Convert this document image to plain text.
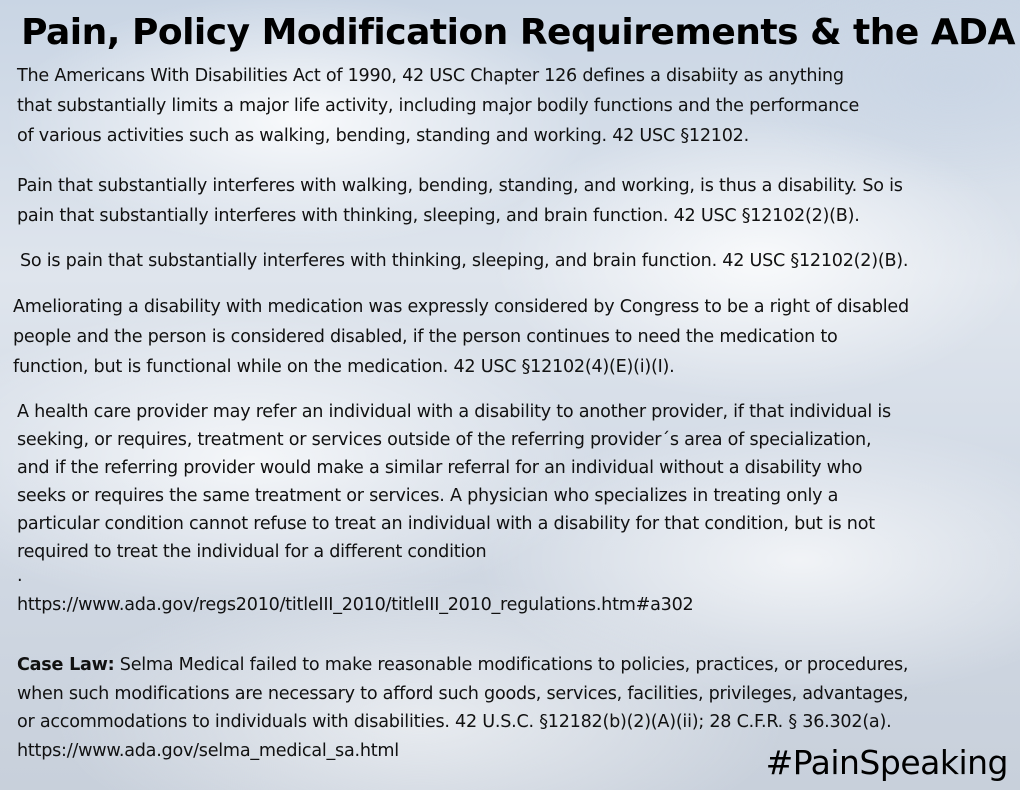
Pain, Policy Modification Requirements & the ADA
The Americans With Disabilities Act of 1990, 42 USC Chapter 126 defines a disabiity as anything
that substantially limits a major life activity, including major bodily functions and the performance
of various activities such as walking, bending, standing and working. 42 USC §12102.
Pain that substantially interferes with walking, bending, standing, and working, is thus a disability. So is
pain that substantially interferes with thinking, sleeping, and brain function. 42 USC §12102(2)(B).
So is pain that substantially interferes with thinking, sleeping, and brain function. 42 USC §12102(2)(B).
Ameliorating a disability with medication was expressly considered by Congress to be a right of disabled
people and the person is considered disabled, if the person continues to need the medication to
function, but is functional while on the medication. 42 USC §12102(4)(E)(i)(I).
A health care provider may refer an individual with a disability to another provider, if that individual is
seeking, or requires, treatment or services outside of the referring provider´s area of specialization,
and if the referring provider would make a similar referral for an individual without a disability who
seeks or requires the same treatment or services. A physician who specializes in treating only a
particular condition cannot refuse to treat an individual with a disability for that condition, but is not
required to treat the individual for a different condition
.
https://www.ada.gov/regs2010/titleIII_2010/titleIII_2010_regulations.htm#a302
Case Law: Selma Medical failed to make reasonable modifications to policies, practices, or procedures,
when such modifications are necessary to afford such goods, services, facilities, privileges, advantages,
or accommodations to individuals with disabilities. 42 U.S.C. §12182(b)(2)(A)(ii); 28 C.F.R. § 36.302(a).
https://www.ada.gov/selma_medical_sa.html	#PainSpeaking
